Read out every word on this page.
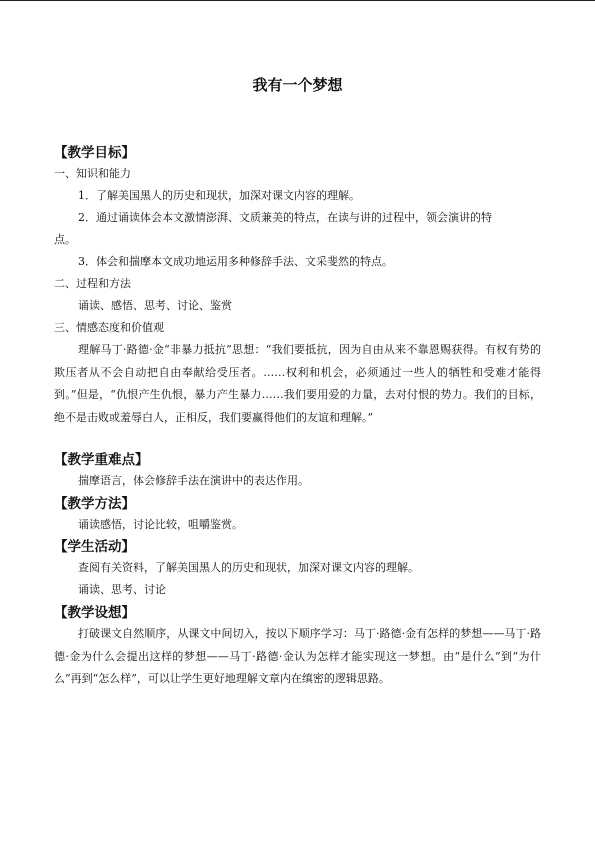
我有一个梦想
【教学目标】
一、知识和能力
1．了解美国黑人的历史和现状，加深对课文内容的理解。
2．通过诵读体会本文激情澎湃、文质兼美的特点，在读与讲的过程中，领会演讲的特
点。
3．体会和揣摩本文成功地运用多种修辞手法、文采斐然的特点。
二、过程和方法
诵读、感悟、思考、讨论、鉴赏
三、情感态度和价值观

理解马丁·路德·金“非暴力抵抗”思想：“我们要抵抗，因为自由从来不靠恩赐获得。有权有势的欺压者从不会自动把自由奉献给受压者。……权利和机会，必须通过一些人的牺牲和受难才能得到。”但是，“仇恨产生仇恨，暴力产生暴力……我们要用爱的力量，去对付恨的势力。我们的目标，绝不是击败或羞辱白人，正相反，我们要赢得他们的友谊和理解。”

【教学重难点】
揣摩语言，体会修辞手法在演讲中的表达作用。
【教学方法】
诵读感悟，讨论比较，咀嚼鉴赏。
【学生活动】
查阅有关资料，了解美国黑人的历史和现状，加深对课文内容的理解。
诵读、思考、讨论
【教学设想】

打破课文自然顺序，从课文中间切入，按以下顺序学习：马丁·路德·金有怎样的梦想——马丁·路德·金为什么会提出这样的梦想——马丁·路德·金认为怎样才能实现这一梦想。由“是什么”到“为什么”再到“怎么样”，可以让学生更好地理解文章内在缜密的逻辑思路。
